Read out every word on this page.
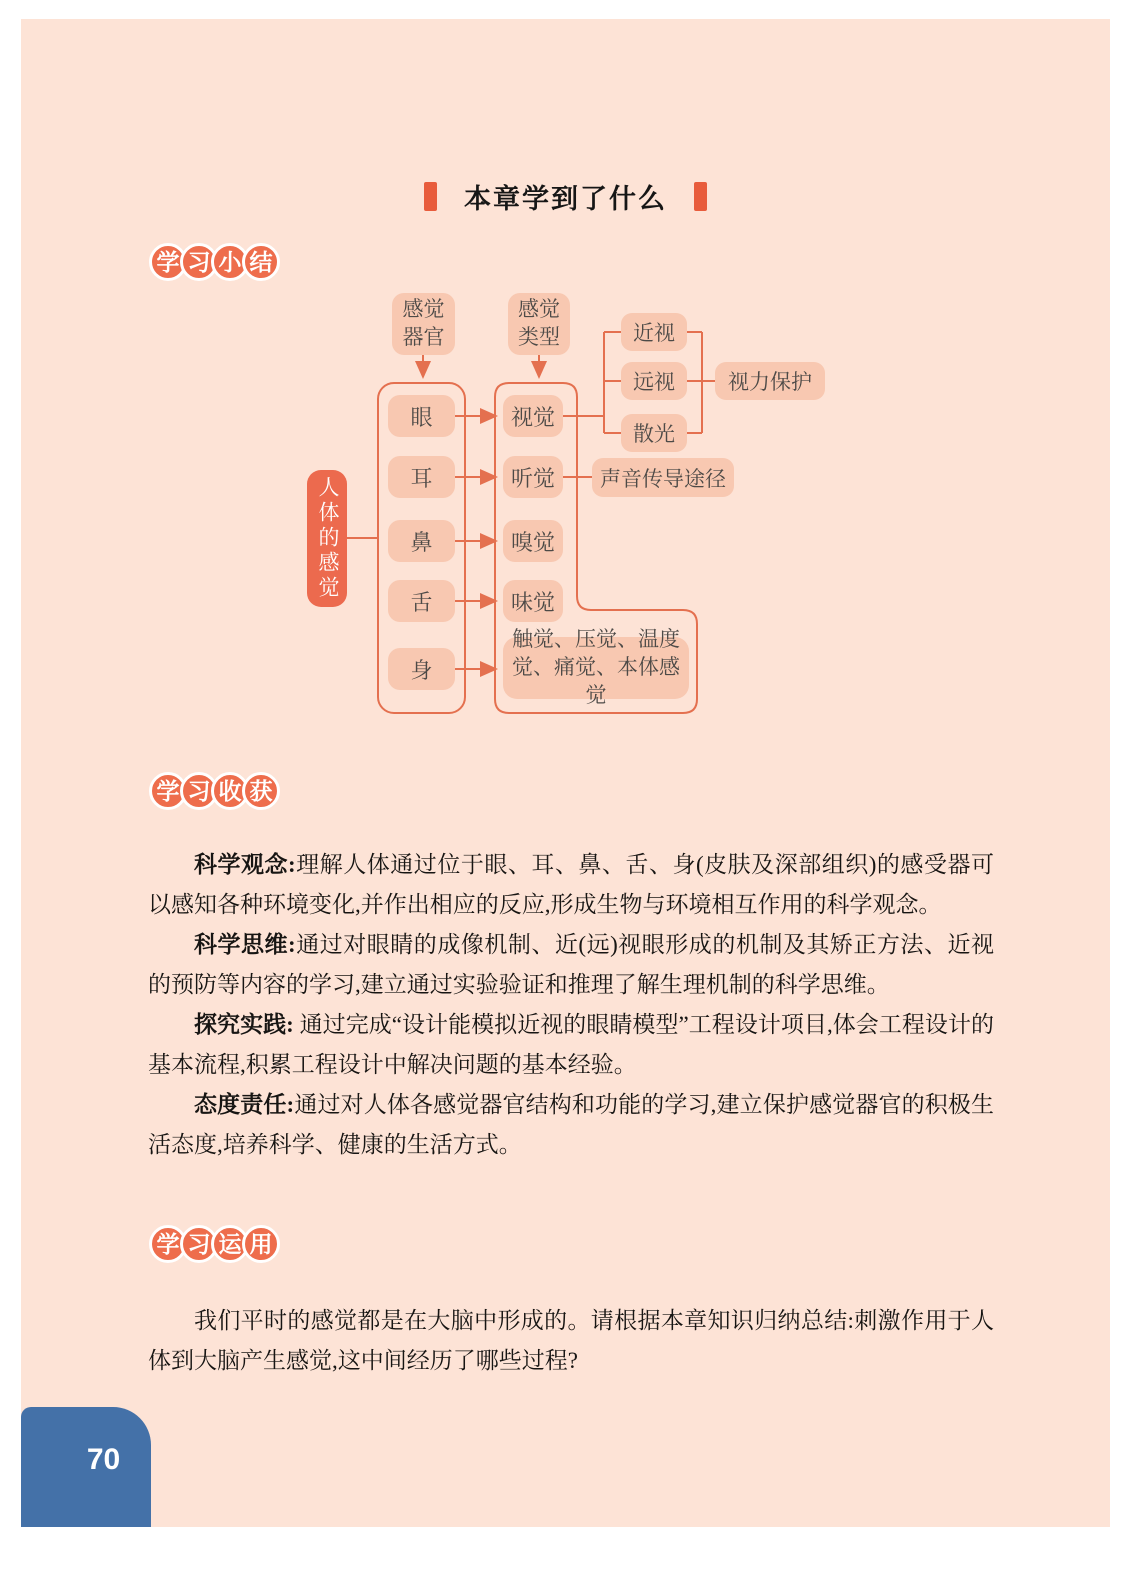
本章学到了什么
学 习 小 结
人体的感觉
感觉
器官
感觉
类型
眼
耳
鼻
舌
身
视觉
听觉
嗅觉
味觉
触觉、压觉、温度
觉、痛觉、本体感觉
近视
远视
散光
视力保护
声音传导途径
学 习 收 获

科学观念:理解人体通过位于眼、耳、鼻、舌、身(皮肤及深部组织)的感受器可以感知各种环境变化,并作出相应的反应,形成生物与环境相互作用的科学观念。

科学思维:通过对眼睛的成像机制、近(远)视眼形成的机制及其矫正方法、近视的预防等内容的学习,建立通过实验验证和推理了解生理机制的科学思维。

探究实践: 通过完成“设计能模拟近视的眼睛模型”工程设计项目,体会工程设计的基本流程,积累工程设计中解决问题的基本经验。

态度责任:通过对人体各感觉器官结构和功能的学习,建立保护感觉器官的积极生活态度,培养科学、健康的生活方式。

学 习 运 用

我们平时的感觉都是在大脑中形成的。请根据本章知识归纳总结:刺激作用于人体到大脑产生感觉,这中间经历了哪些过程?

70
